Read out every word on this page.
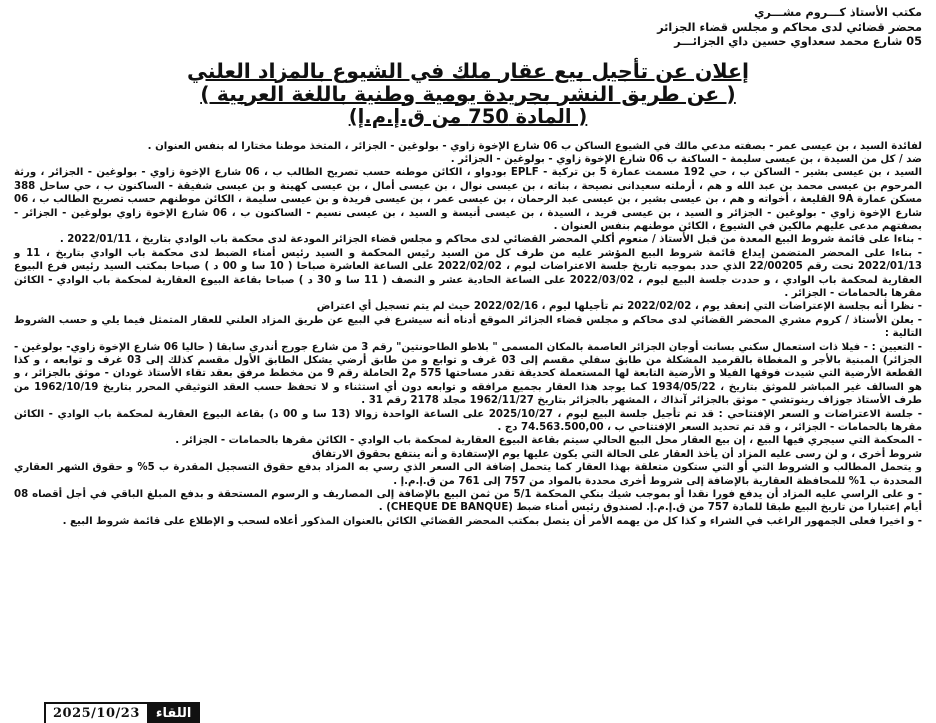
مكتب الأستاذ كـــروم مشـــري
محضر قضائي لدى محاكم و مجلس قضاء الجزائر
05 شارع محمد سعداوي حسين داي الجزائـــر
إعلان عن تأجيل بيع عقار ملك في الشيوع بالمزاد العلني
( عن طريق النشر بجريدة يومية وطنية باللغة العربية )
( المادة 750 من ق.إ.م.إ)

لفائدة السيد ، بن عيسى عمر - بصفته مدعي مالك في الشيوع الساكن ب 06 شارع الإخوة زاوي - بولوغين - الجزائر ، المتخذ موطنا مختارا له بنفس العنوان .

ضد / كل من السيدة ، بن عيسى سليمة - الساكنة ب 06 شارع الإخوة زاوي - بولوغين - الجزائر .

السيد ، بن عيسى بشير - الساكن ب ، حي 192 مسمت عمارة 5 بن تركية - EPLF بودواو ، الكائن موطنه حسب تصريح الطالب ب ، 06 شارع الإخوة زاوي - بولوغين - الجزائر ، ورثة المرحوم بن عيسى محمد بن عبد الله و هم ، أرملته سعيدانى نصيحة ، بناته ، بن عيسى نوال ، بن عيسى أمال ، بن عيسى كهينة و بن عيسى شفيقة - الساكنون ب ، حي ساحل 388 مسكن عمارة 9A القليعة ، أخواته و هم ، بن عيسى بشير ، بن عيسى عبد الرحمان ، بن عيسى عمر ، بن عيسى فريدة و بن عيسى سليمة ، الكائن موطنهم حسب تصريح الطالب ب ، 06 شارع الإخوة زاوي - بولوغين - الجزائر و السيد ، بن عيسى فريد ، السيدة ، بن عيسى أنيسة و السيد ، بن عيسى نسيم - الساكنون ب ، 06 شارع الإخوة زاوي بولوغين - الجزائر - بصفتهم مدعى عليهم مالكين في الشيوع ، الكائن موطنهم بنفس العنوان .

- بناءا على قائمة شروط البيع المعدة من قبل الأستاذ / منعوم أكلي المحضر القضائي لدى محاكم و مجلس قضاء الجزائر المودعة لدى محكمة باب الوادي بتاريخ ، 2022/01/11 .

- بناءا على المحضر المتضمن إيداع قائمة شروط البيع المؤشر عليه من طرف كل من السيد رئيس المحكمة و السيد رئيس أمناء الضبط لدى محكمة باب الوادي بتاريخ ، 11 و 2022/01/13 تحت رقم 22/00205 الذي حدد بموجبه تاريخ جلسة الاعتراضات ليوم ، 2022/02/02 على الساعة العاشرة صباحا ( 10 سا و 00 د ) صباحا بمكتب السيد رئيس فرع البيوع العقارية لمحكمة باب الوادي ، و حددت جلسة البيع ليوم ، 2022/03/02 على الساعة الحادية عشر و النصف ( 11 سا و 30 د ) صباحا بقاعة البيوع العقارية لمحكمة باب الوادي - الكائن مقرها بالحمامات - الجزائر .

- نظرا أنه بجلسة الإعتراضات التي إنعقد يوم ، 2022/02/02 تم تأجيلها ليوم ، 2022/02/16 حيث لم يتم تسجيل أي اعتراض

- يعلن الأستاذ / كروم مشري المحضر القضائي لدى محاكم و مجلس قضاء الجزائر الموقع أدناه أنه سيشرع في البيع عن طريق المزاد العلني للعقار المتمثل فيما يلي و حسب الشروط التالية :

- التعيين : - فيلا ذات استعمال سكني بسانت أوجان الجزائر العاصمة بالمكان المسمى " بلاطو الطاحونتين" رقم 3 من شارع جورج أندري سابقا ( حاليا 06 شارع الإخوة زاوي- بولوغين - الجزائر) المبنية بالأجر و المغطاة بالقرميد المشكلة من طابق سفلي مقسم إلى 03 غرف و توابع و من طابق أرضي يشكل الطابق الأول مقسم كذلك إلى 03 غرف و توابعه ، و كذا القطعة الأرضية التي شيدت فوقها الفيلا و الأرضية التابعة لها المستعملة كحديقة تقدر مساحتها 575 م2 الحاملة رقم 9 من مخطط مرفق بعقد تقاء الأستاذ غودان - موثق بالجزائر ، و هو السالف غير المباشر للموثق بتاريخ ، 1934/05/22 كما يوجد هذا العقار بجميع مرافقه و توابعه دون أي استثناء و لا تحفظ حسب العقد التوثيقي المحرر بتاريخ 1962/10/19 من طرف الأستاذ جوزاف رينوتشي - موثق بالجزائر آنذاك ، المشهر بالجزائر بتاريخ 1962/11/27 مجلد 2178 رقم 31 .

- جلسة الاعتراضات و السعر الإفتتاحي : قد تم تأجيل جلسة البيع ليوم ، 2025/10/27 على الساعة الواحدة زوالا (13 سا و 00 د) بقاعة البيوع العقارية لمحكمة باب الوادي - الكائن مقرها بالحمامات - الجزائر ، و قد تم تحديد السعر الإفتتاحي ب ، 74.563.500,00 دج .

- المحكمة التي سيجري فيها البيع ، إن بيع العقار محل البيع الحالي سيتم بقاعة البيوع العقارية لمحكمة باب الوادي - الكائن مقرها بالحمامات - الجزائر .

شروط أخرى ، و لن رسى عليه المزاد أن يأخذ العقار على الحالة التي يكون عليها يوم الإستفادة و أنه ينتفع بحقوق الارتفاق

و يتحمل المطالب و الشروط التي أو التي ستكون متعلقة بهذا العقار كما يتحمل إضافة الى السعر الذي رسي به المزاد بدفع حقوق التسجيل المقدرة ب 5% و حقوق الشهر العقاري المحددة ب 1% للمحافظة العقارية بالإضافة إلى شروط أخرى محددة بالمواد من 757 إلى 761 من ق.إ.م.إ .

- و على الراسي عليه المزاد أن يدفع فورا نقدا أو بموجب شيك بنكي المحكمة 5/1 من ثمن البيع بالإضافة إلى المصاريف و الرسوم المستحقة و بدفع المبلغ الباقي في أجل أقصاه 08 أيام إعتبارا من تاريخ البيع طبقا للمادة 757 من ق.إ.م.إ. لصندوق رئيس أمناء ضبط (CHEQUE DE BANQUE) .

- و اخيرا فعلى الجمهور الراغب في الشراء و كذا كل من يهمه الأمر أن يتصل بمكتب المحضر القضائي الكائن بالعنوان المذكور أعلاه لسحب و الإطلاع على قائمة شروط البيع .

2025/10/23	اللقاء
